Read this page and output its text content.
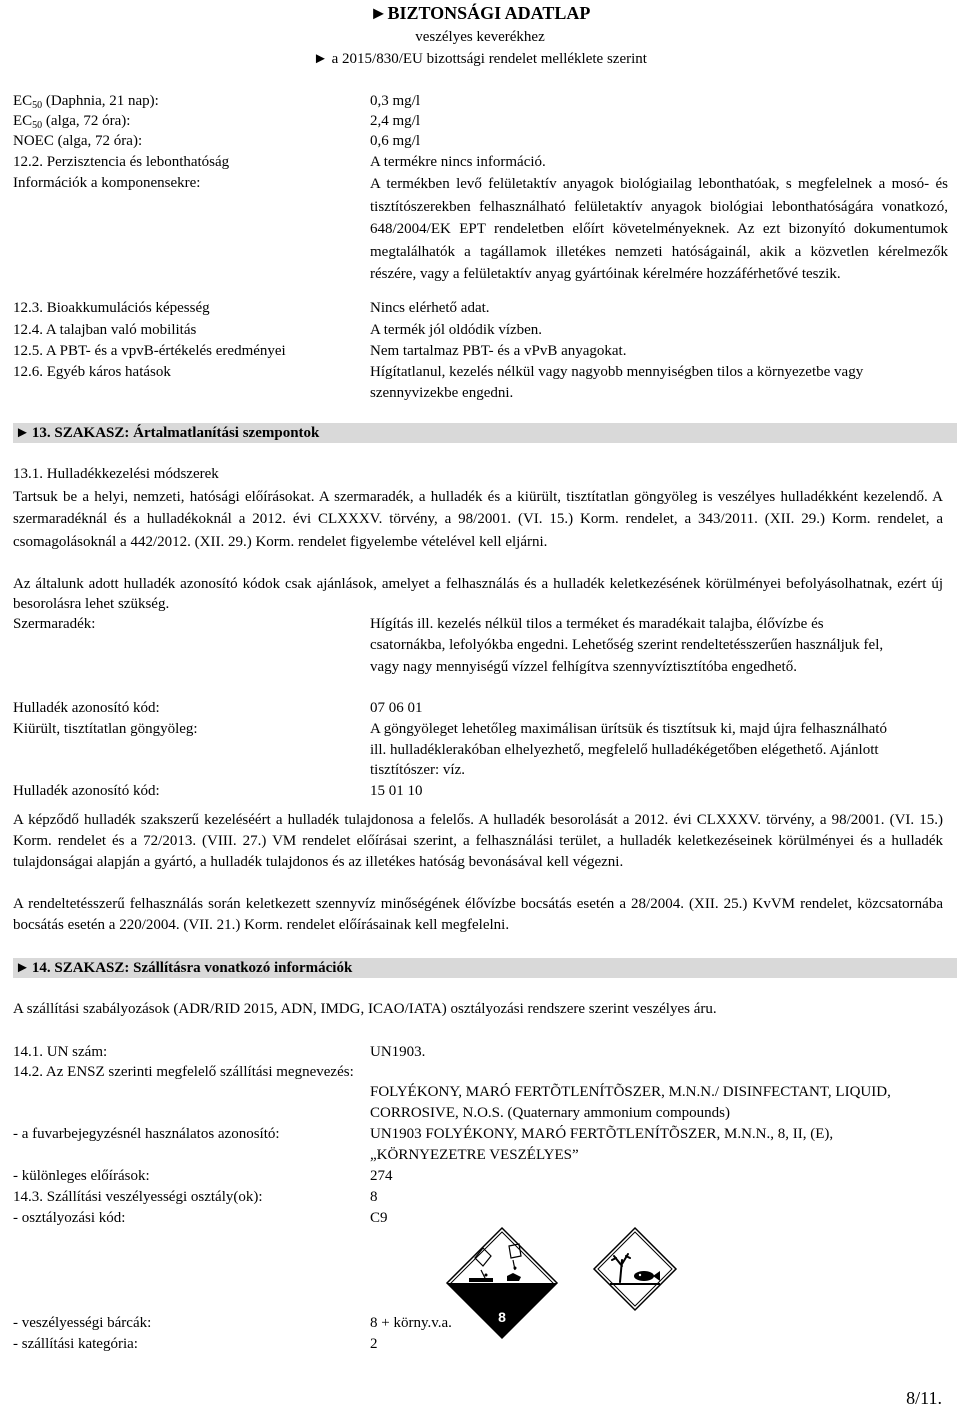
►BIZTONSÁGI ADATLAP
veszélyes keverékhez
► a 2015/830/EU bizottsági rendelet melléklete szerint
$EC_{50}$ (Daphnia, 21 nap):	0,3 mg/l
$EC_{50}$ (alga, 72 óra):	2,4 mg/l
NOEC (alga, 72 óra):	0,6 mg/l
12.2. Perzisztencia és lebonthatóság	A termékre nincs információ.
Információk a komponensekre:	A termékben levő felületaktív anyagok biológiailag lebonthatóak, s megfelelnek a mosó- és tisztítószerekben felhasználható felületaktív anyagok biológiai lebonthatóságára vonatkozó, 648/2004/EK EPT rendeletben előírt követelményeknek. Az ezt bizonyító dokumentumok megtalálhatók a tagállamok illetékes nemzeti hatóságainál, akik a közvetlen kérelmezők részére, vagy a felületaktív anyag gyártóinak kérelmére hozzáférhetővé teszik.
12.3. Bioakkumulációs képesség	Nincs elérhető adat.
12.4. A talajban való mobilitás	A termék jól oldódik vízben.
12.5. A PBT- és a vpvB-értékelés eredményei	Nem tartalmaz PBT- és a vPvB anyagokat.
12.6. Egyéb káros hatások	Hígítatlanul, kezelés nélkül vagy nagyobb mennyiségben tilos a környezetbe vagy szennyvizekbe engedni.
► 13. SZAKASZ: Ártalmatlanítási szempontok
13.1. Hulladékkezelési módszerek
Tartsuk be a helyi, nemzeti, hatósági előírásokat. A szermaradék, a hulladék és a kiürült, tisztítatlan göngyöleg is veszélyes hulladékként kezelendő. A szermaradéknál és a hulladékoknál a 2012. évi CLXXXV. törvény, a 98/2001. (VI. 15.) Korm. rendelet, a 343/2011. (XII. 29.) Korm. rendelet, a csomagolásoknál a 442/2012. (XII. 29.) Korm. rendelet figyelembe vételével kell eljárni.
Az általunk adott hulladék azonosító kódok csak ajánlások, amelyet a felhasználás és a hulladék keletkezésének körülményei befolyásolhatnak, ezért új besorolásra lehet szükség.
Szermaradék:	Hígítás ill. kezelés nélkül tilos a terméket és maradékait talajba, élővízbe és csatornákba, lefolyókba engedni. Lehetőség szerint rendeltetésszerűen használjuk fel, vagy nagy mennyiségű vízzel felhígítva szennyvíztisztítóba engedhető.
Hulladék azonosító kód:	07 06 01
Kiürült, tisztítatlan göngyöleg:	A göngyöleget lehetőleg maximálisan ürítsük és tisztítsuk ki, majd újra felhasználható ill. hulladéklerakóban elhelyezhető, megfelelő hulladékégetőben elégethető. Ajánlott tisztítószer: víz.
Hulladék azonosító kód:	15 01 10
A képződő hulladék szakszerű kezeléséért a hulladék tulajdonosa a felelős. A hulladék besorolását a 2012. évi CLXXXV. törvény, a 98/2001. (VI. 15.) Korm. rendelet és a 72/2013. (VIII. 27.) VM rendelet előírásai szerint, a felhasználási terület, a hulladék keletkezéseinek körülményei és a hulladék tulajdonságai alapján a gyártó, a hulladék tulajdonos és az illetékes hatóság bevonásával kell végezni.
A rendeltetésszerű felhasználás során keletkezett szennyvíz minőségének élővízbe bocsátás esetén a 28/2004. (XII. 25.) KvVM rendelet, közcsatornába bocsátás esetén a 220/2004. (VII. 21.) Korm. rendelet előírásainak kell megfelelni.
► 14. SZAKASZ: Szállításra vonatkozó információk
A szállítási szabályozások (ADR/RID 2015, ADN, IMDG, ICAO/IATA) osztályozási rendszere szerint veszélyes áru.
14.1. UN szám:	UN1903.
14.2. Az ENSZ szerinti megfelelő szállítási megnevezés:
FOLYÉKONY, MARÓ FERTÕTLENÍTÕSZER, M.N.N./ DISINFECTANT, LIQUID, CORROSIVE, N.O.S. (Quaternary ammonium compounds)
- a fuvarbejegyzésnél használatos azonosító:	UN1903 FOLYÉKONY, MARÓ FERTÕTLENÍTÕSZER, M.N.N., 8, II, (E), „KÖRNYEZETRE VESZÉLYES”
- különleges előírások:	274
14.3. Szállítási veszélyességi osztály(ok):	8
- osztályozási kód:	C9
8
- veszélyességi bárcák:	8 + körny.v.a.
- szállítási kategória:	2
8/11.
